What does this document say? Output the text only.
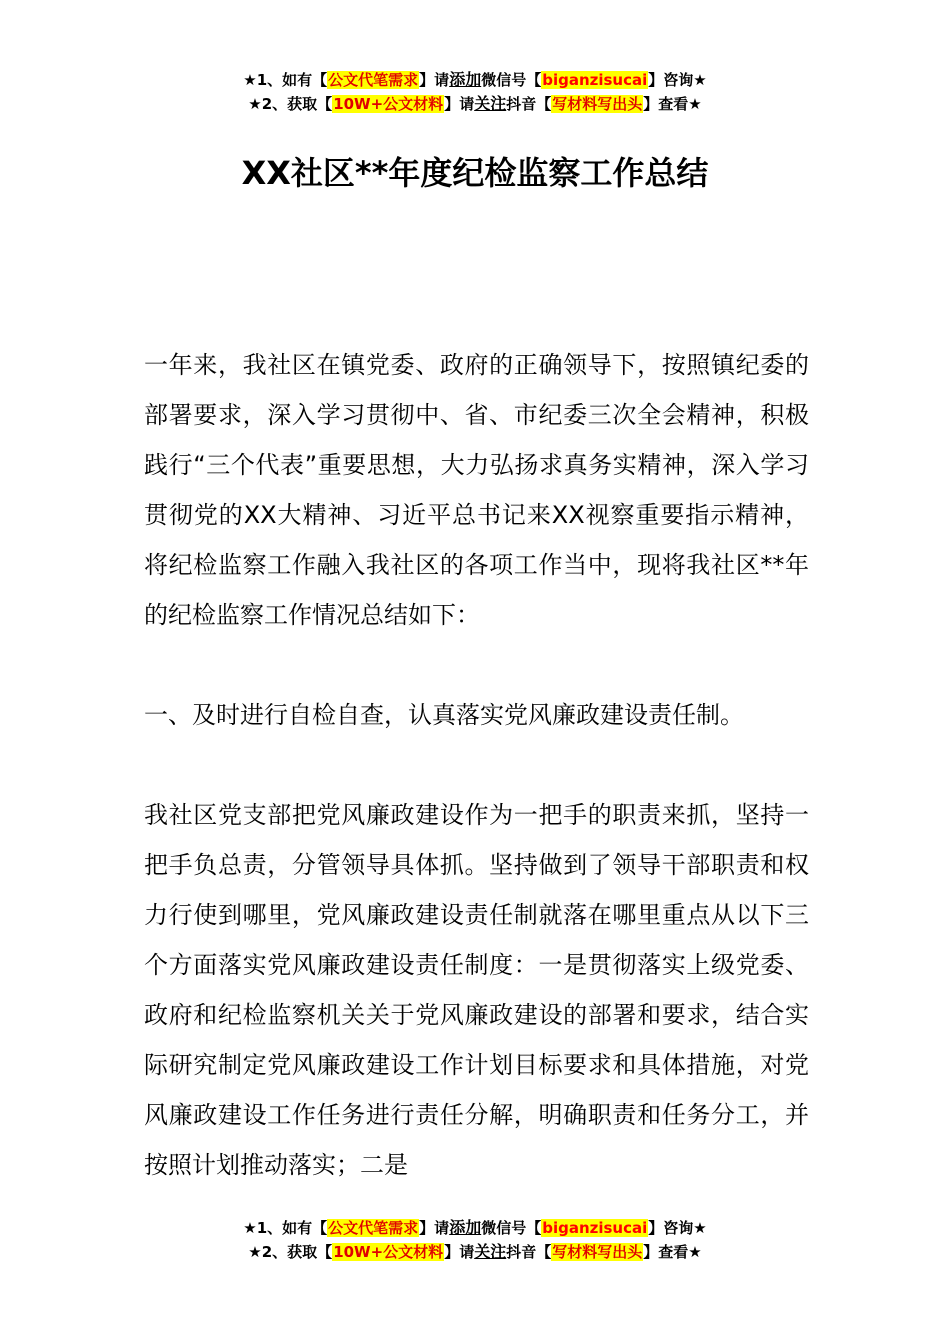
★1、如有【公文代笔需求】请添加微信号【biganzisucai】咨询★
★2、获取【10W+公文材料】请关注抖音【写材料写出头】查看★
XX社区**年度纪检监察工作总结

一年来，我社区在镇党委、政府的正确领导下，按照镇纪委的部署要求，深入学习贯彻中、省、市纪委三次全会精神，积极践行“三个代表”重要思想，大力弘扬求真务实精神，深入学习贯彻党的XX大精神、习近平总书记来XX视察重要指示精神，将纪检监察工作融入我社区的各项工作当中，现将我社区**年的纪检监察工作情况总结如下：

一、及时进行自检自查，认真落实党风廉政建设责任制。

我社区党支部把党风廉政建设作为一把手的职责来抓，坚持一把手负总责，分管领导具体抓。坚持做到了领导干部职责和权力行使到哪里，党风廉政建设责任制就落在哪里重点从以下三个方面落实党风廉政建设责任制度：一是贯彻落实上级党委、政府和纪检监察机关关于党风廉政建设的部署和要求，结合实际研究制定党风廉政建设工作计划目标要求和具体措施，对党风廉政建设工作任务进行责任分解，明确职责和任务分工，并按照计划推动落实；二是

★1、如有【公文代笔需求】请添加微信号【biganzisucai】咨询★
★2、获取【10W+公文材料】请关注抖音【写材料写出头】查看★
